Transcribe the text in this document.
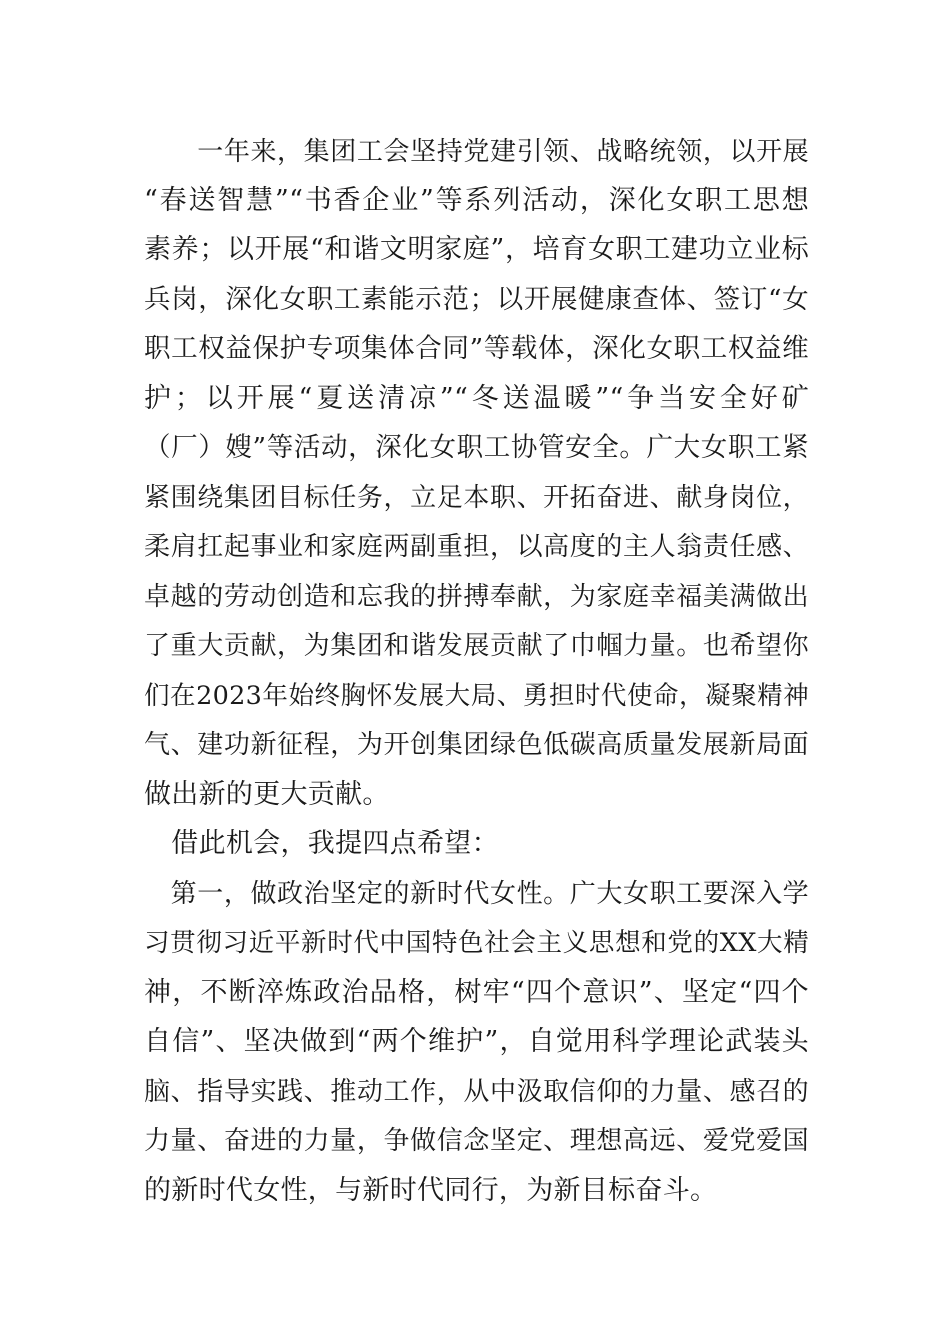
　　一年来，集团工会坚持党建引领、战略统领，以开展
“春送智慧”“书香企业”等系列活动，深化女职工思想
素养；以开展“和谐文明家庭”，培育女职工建功立业标
兵岗，深化女职工素能示范；以开展健康查体、签订“女
职工权益保护专项集体合同”等载体，深化女职工权益维
护；以开展“夏送清凉”“冬送温暖”“争当安全好矿
（厂）嫂”等活动，深化女职工协管安全。广大女职工紧
紧围绕集团目标任务，立足本职、开拓奋进、献身岗位，
柔肩扛起事业和家庭两副重担，以高度的主人翁责任感、
卓越的劳动创造和忘我的拼搏奉献，为家庭幸福美满做出
了重大贡献，为集团和谐发展贡献了巾帼力量。也希望你
们在2023年始终胸怀发展大局、勇担时代使命，凝聚精神
气、建功新征程，为开创集团绿色低碳高质量发展新局面
做出新的更大贡献。
　借此机会，我提四点希望：
　第一，做政治坚定的新时代女性。广大女职工要深入学
习贯彻习近平新时代中国特色社会主义思想和党的XX大精
神，不断淬炼政治品格，树牢“四个意识”、坚定“四个
自信”、坚决做到“两个维护”，自觉用科学理论武装头
脑、指导实践、推动工作，从中汲取信仰的力量、感召的
力量、奋进的力量，争做信念坚定、理想高远、爱党爱国
的新时代女性，与新时代同行，为新目标奋斗。
